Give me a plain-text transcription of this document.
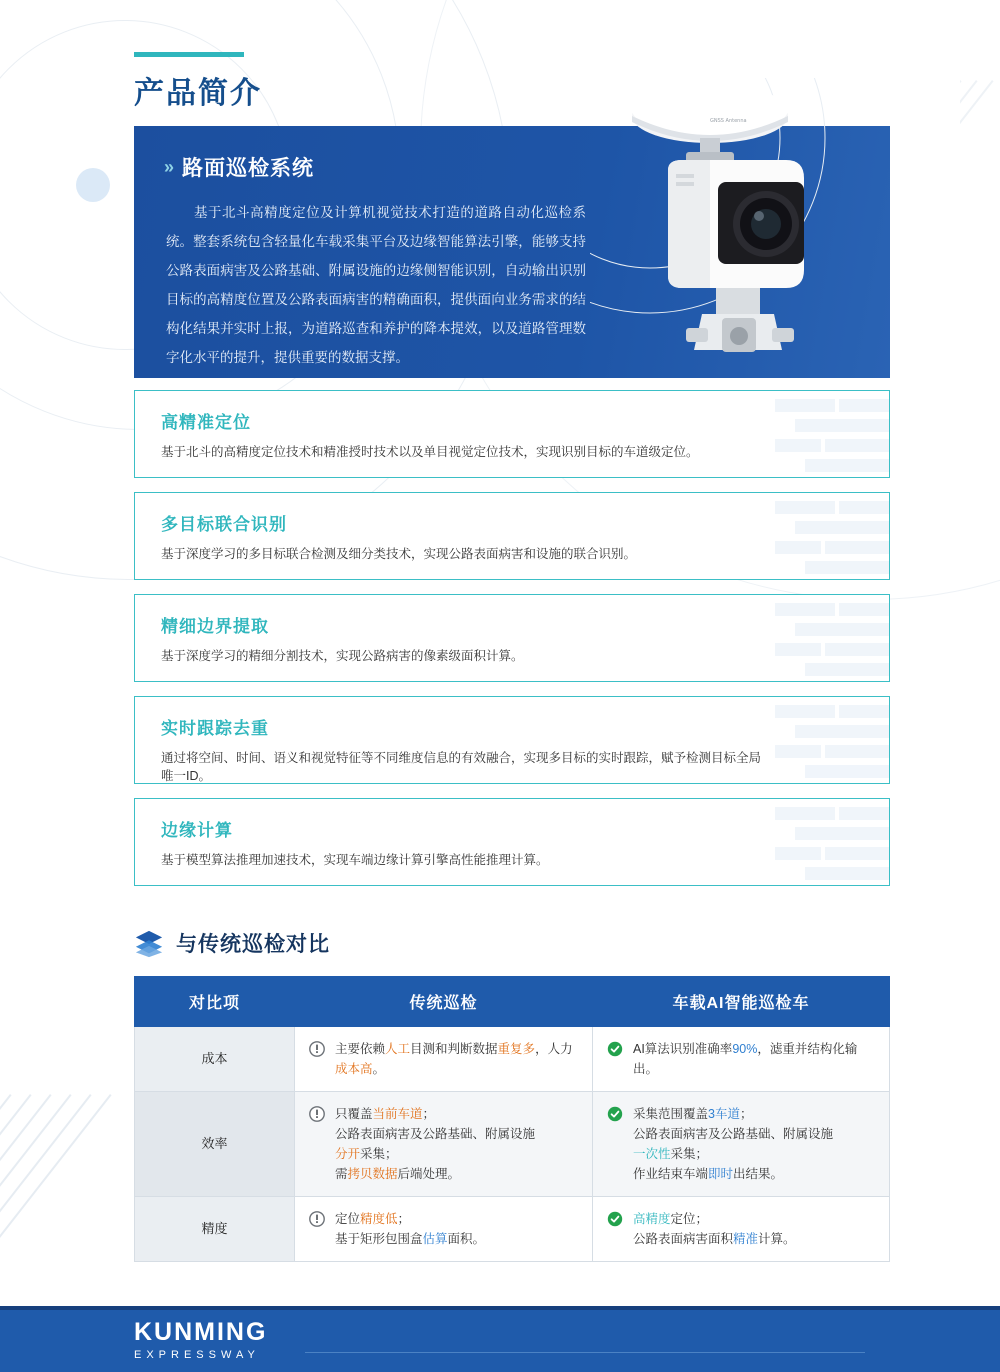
产品简介
» 路面巡检系统
基于北斗高精度定位及计算机视觉技术打造的道路自动化巡检系统。整套系统包含轻量化车载采集平台及边缘智能算法引擎，能够支持公路表面病害及公路基础、附属设施的边缘侧智能识别，自动输出识别目标的高精度位置及公路表面病害的精确面积，提供面向业务需求的结构化结果并实时上报，为道路巡查和养护的降本提效，以及道路管理数字化水平的提升，提供重要的数据支撑。
GNSS Antenna
高精准定位
基于北斗的高精度定位技术和精准授时技术以及单目视觉定位技术，实现识别目标的车道级定位。
多目标联合识别
基于深度学习的多目标联合检测及细分类技术，实现公路表面病害和设施的联合识别。
精细边界提取
基于深度学习的精细分割技术，实现公路病害的像素级面积计算。
实时跟踪去重
通过将空间、时间、语义和视觉特征等不同维度信息的有效融合，实现多目标的实时跟踪，赋予检测目标全局唯一ID。
边缘计算
基于模型算法推理加速技术，实现车端边缘计算引擎高性能推理计算。
与传统巡检对比
对比项	传统巡检	车载AI智能巡检车
成本	主要依赖人工目测和判断数据重复多，人力成本高。	AI算法识别准确率90%，滤重并结构化输出。

效率	只覆盖当前车道；
公路表面病害及公路基础、附属设施
分开采集；
需拷贝数据后端处理。	采集范围覆盖3车道；
公路表面病害及公路基础、附属设施
一次性采集；
作业结束车端即时出结果。

精度	定位精度低；
基于矩形包围盒估算面积。	高精度定位；
公路表面病害面积精准计算。
KUNMING
EXPRESSWAY
